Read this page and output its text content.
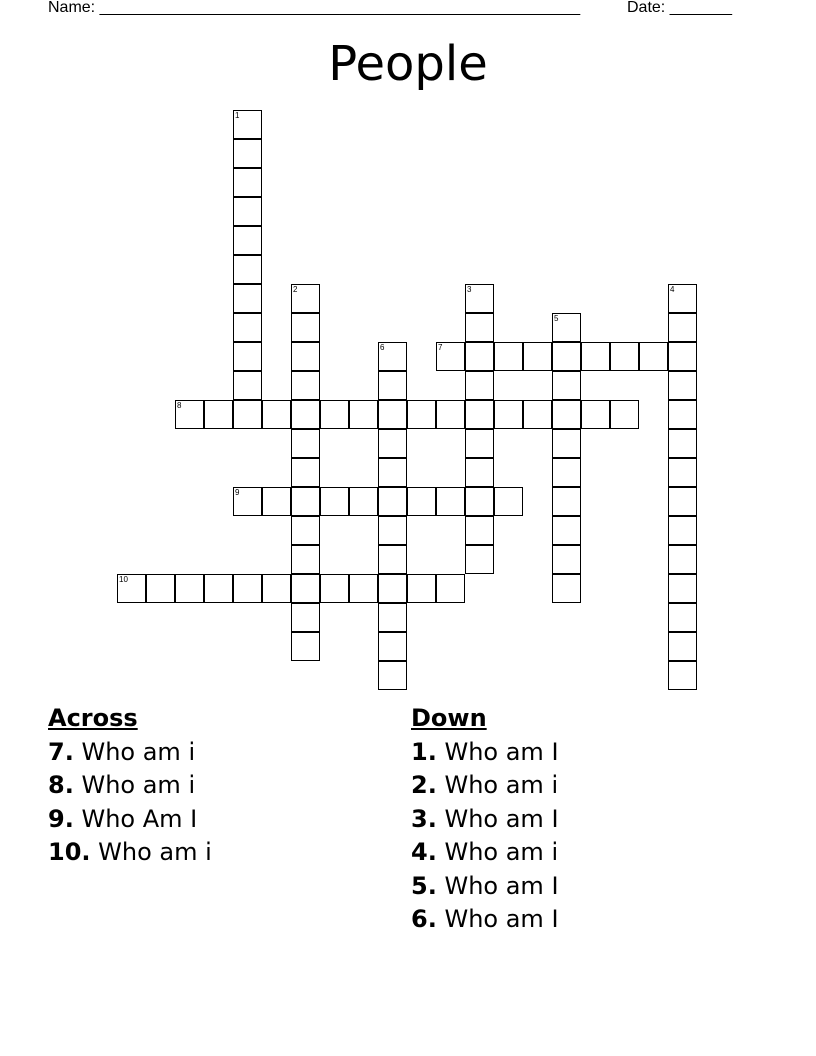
Name: ______________________________________________________	Date: _______
People
7
8
9
10
1
2	3	4
5
6
Across
7. Who am i
8. Who am i
9. Who Am I
10. Who am i
Down
1. Who am I
2. Who am i
3. Who am I
4. Who am i
5. Who am I
6. Who am I
